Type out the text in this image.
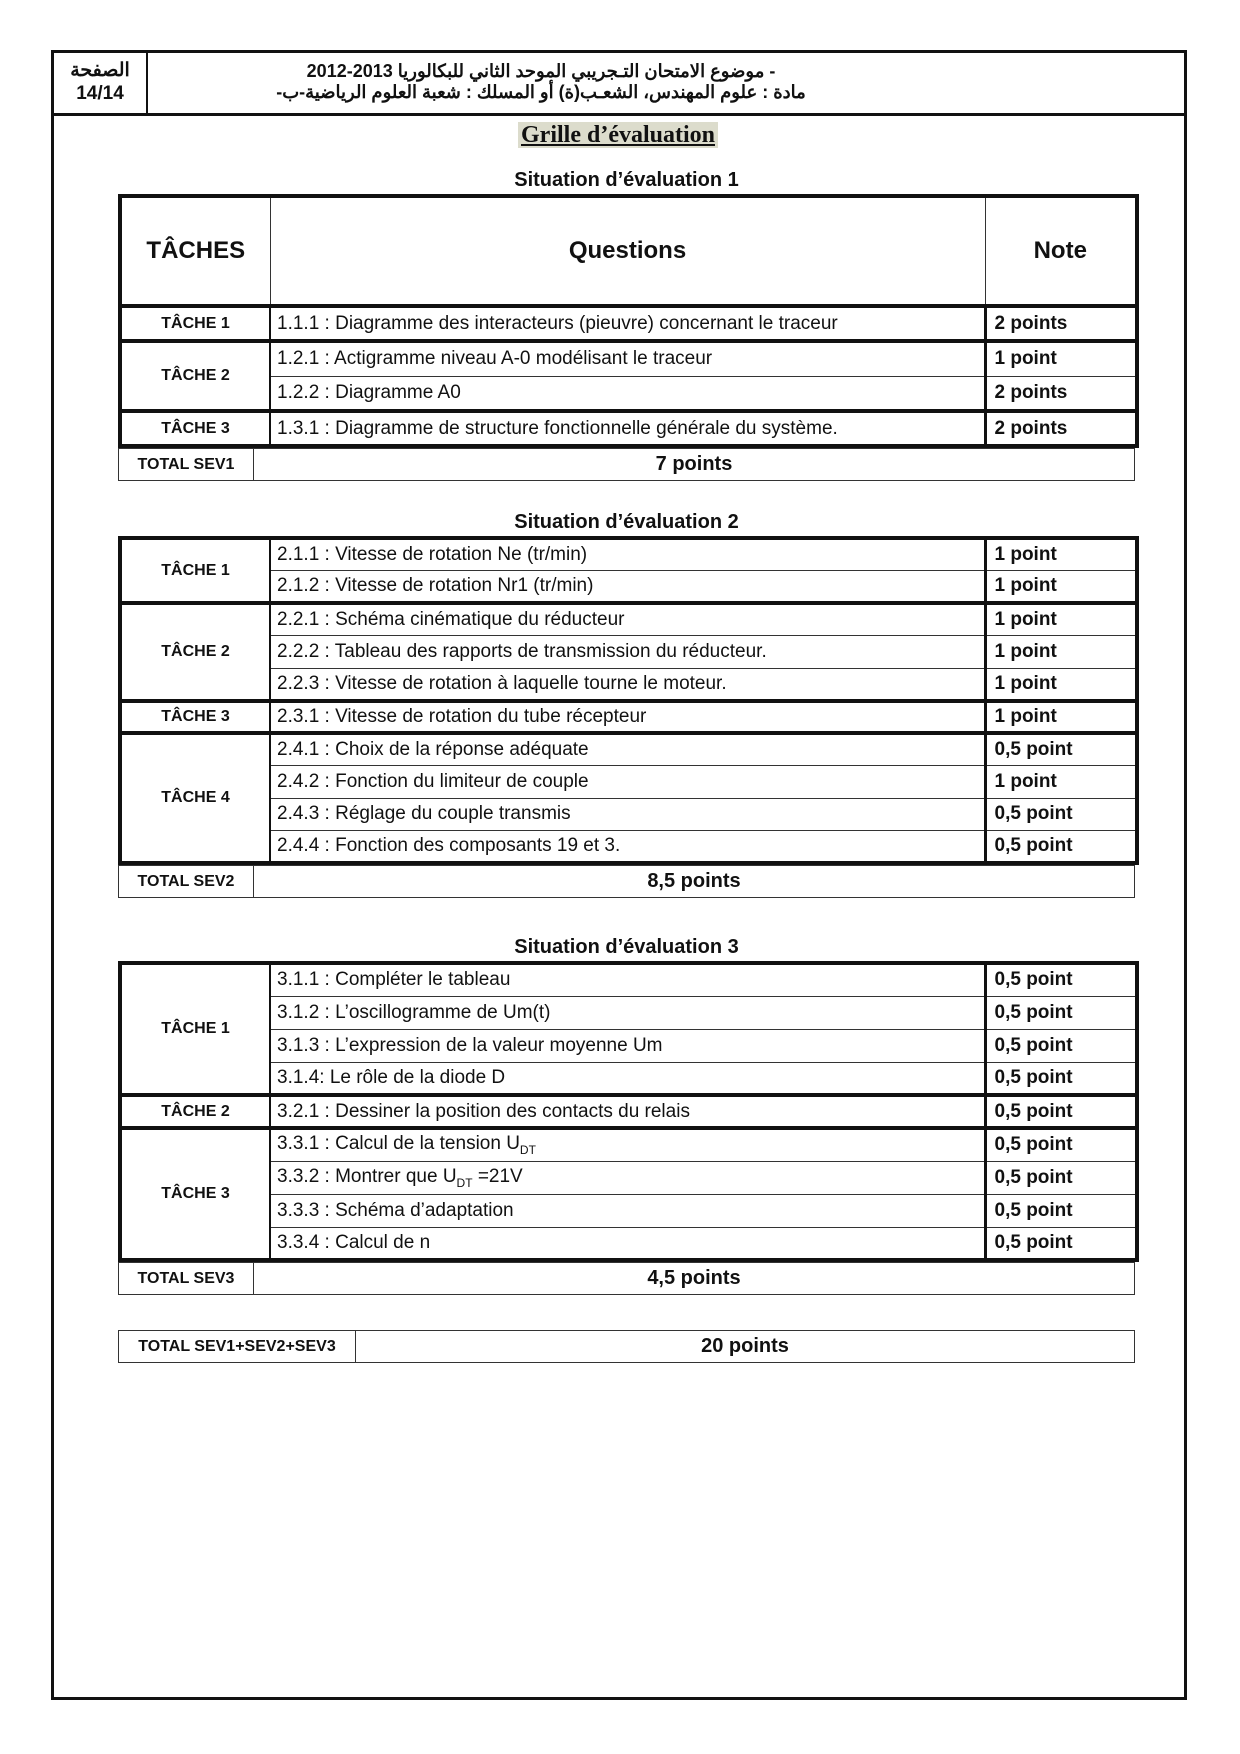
الصفحة
14/14
- موضوع الامتحان التـجريبي الموحد الثاني للبكالوريا 2013-2012
مادة : علوم المهندس، الشعـب(ة) أو المسلك : شعبة العلوم الرياضية-ب-
Grille d’évaluation
Situation d’évaluation 1
TÂCHES	Questions	Note
TÂCHE 1	1.1.1 : Diagramme des interacteurs (pieuvre) concernant le traceur	2 points
TÂCHE 2	1.2.1 : Actigramme niveau A-0 modélisant le traceur	1 point
	1.2.2 : Diagramme A0	2 points
TÂCHE 3	1.3.1 : Diagramme de structure fonctionnelle générale du système.	2 points
TOTAL SEV1	7 points
Situation d’évaluation 2
TÂCHE 1	2.1.1 : Vitesse de rotation Ne (tr/min)	1 point
	2.1.2 : Vitesse de rotation Nr1 (tr/min)	1 point
TÂCHE 2	2.2.1 : Schéma cinématique du réducteur	1 point
	2.2.2 : Tableau des rapports de transmission du réducteur.	1 point
	2.2.3 : Vitesse de rotation à laquelle tourne le moteur.	1 point
TÂCHE 3	2.3.1 : Vitesse de rotation du tube récepteur	1 point
TÂCHE 4	2.4.1 : Choix de la réponse adéquate	0,5 point
	2.4.2 : Fonction du limiteur de couple	1 point
	2.4.3 : Réglage du couple transmis	0,5 point
	2.4.4 : Fonction des composants 19 et 3.	0,5 point
TOTAL SEV2	8,5 points
Situation d’évaluation 3
TÂCHE 1	3.1.1 : Compléter le tableau	0,5 point
	3.1.2 : L’oscillogramme de Um(t)	0,5 point
	3.1.3 : L’expression de la valeur moyenne Um	0,5 point
	3.1.4: Le rôle de la diode D	0,5 point
TÂCHE 2	3.2.1 : Dessiner la position des contacts du relais	0,5 point
TÂCHE 3	3.3.1 : Calcul de la tension $U_{DT}$	0,5 point
	3.3.2 : Montrer que $U_{DT} =21V$	0,5 point
	3.3.3 : Schéma d’adaptation	0,5 point
	3.3.4 : Calcul de n	0,5 point
TOTAL SEV3	4,5 points
TOTAL SEV1+SEV2+SEV3	20 points
